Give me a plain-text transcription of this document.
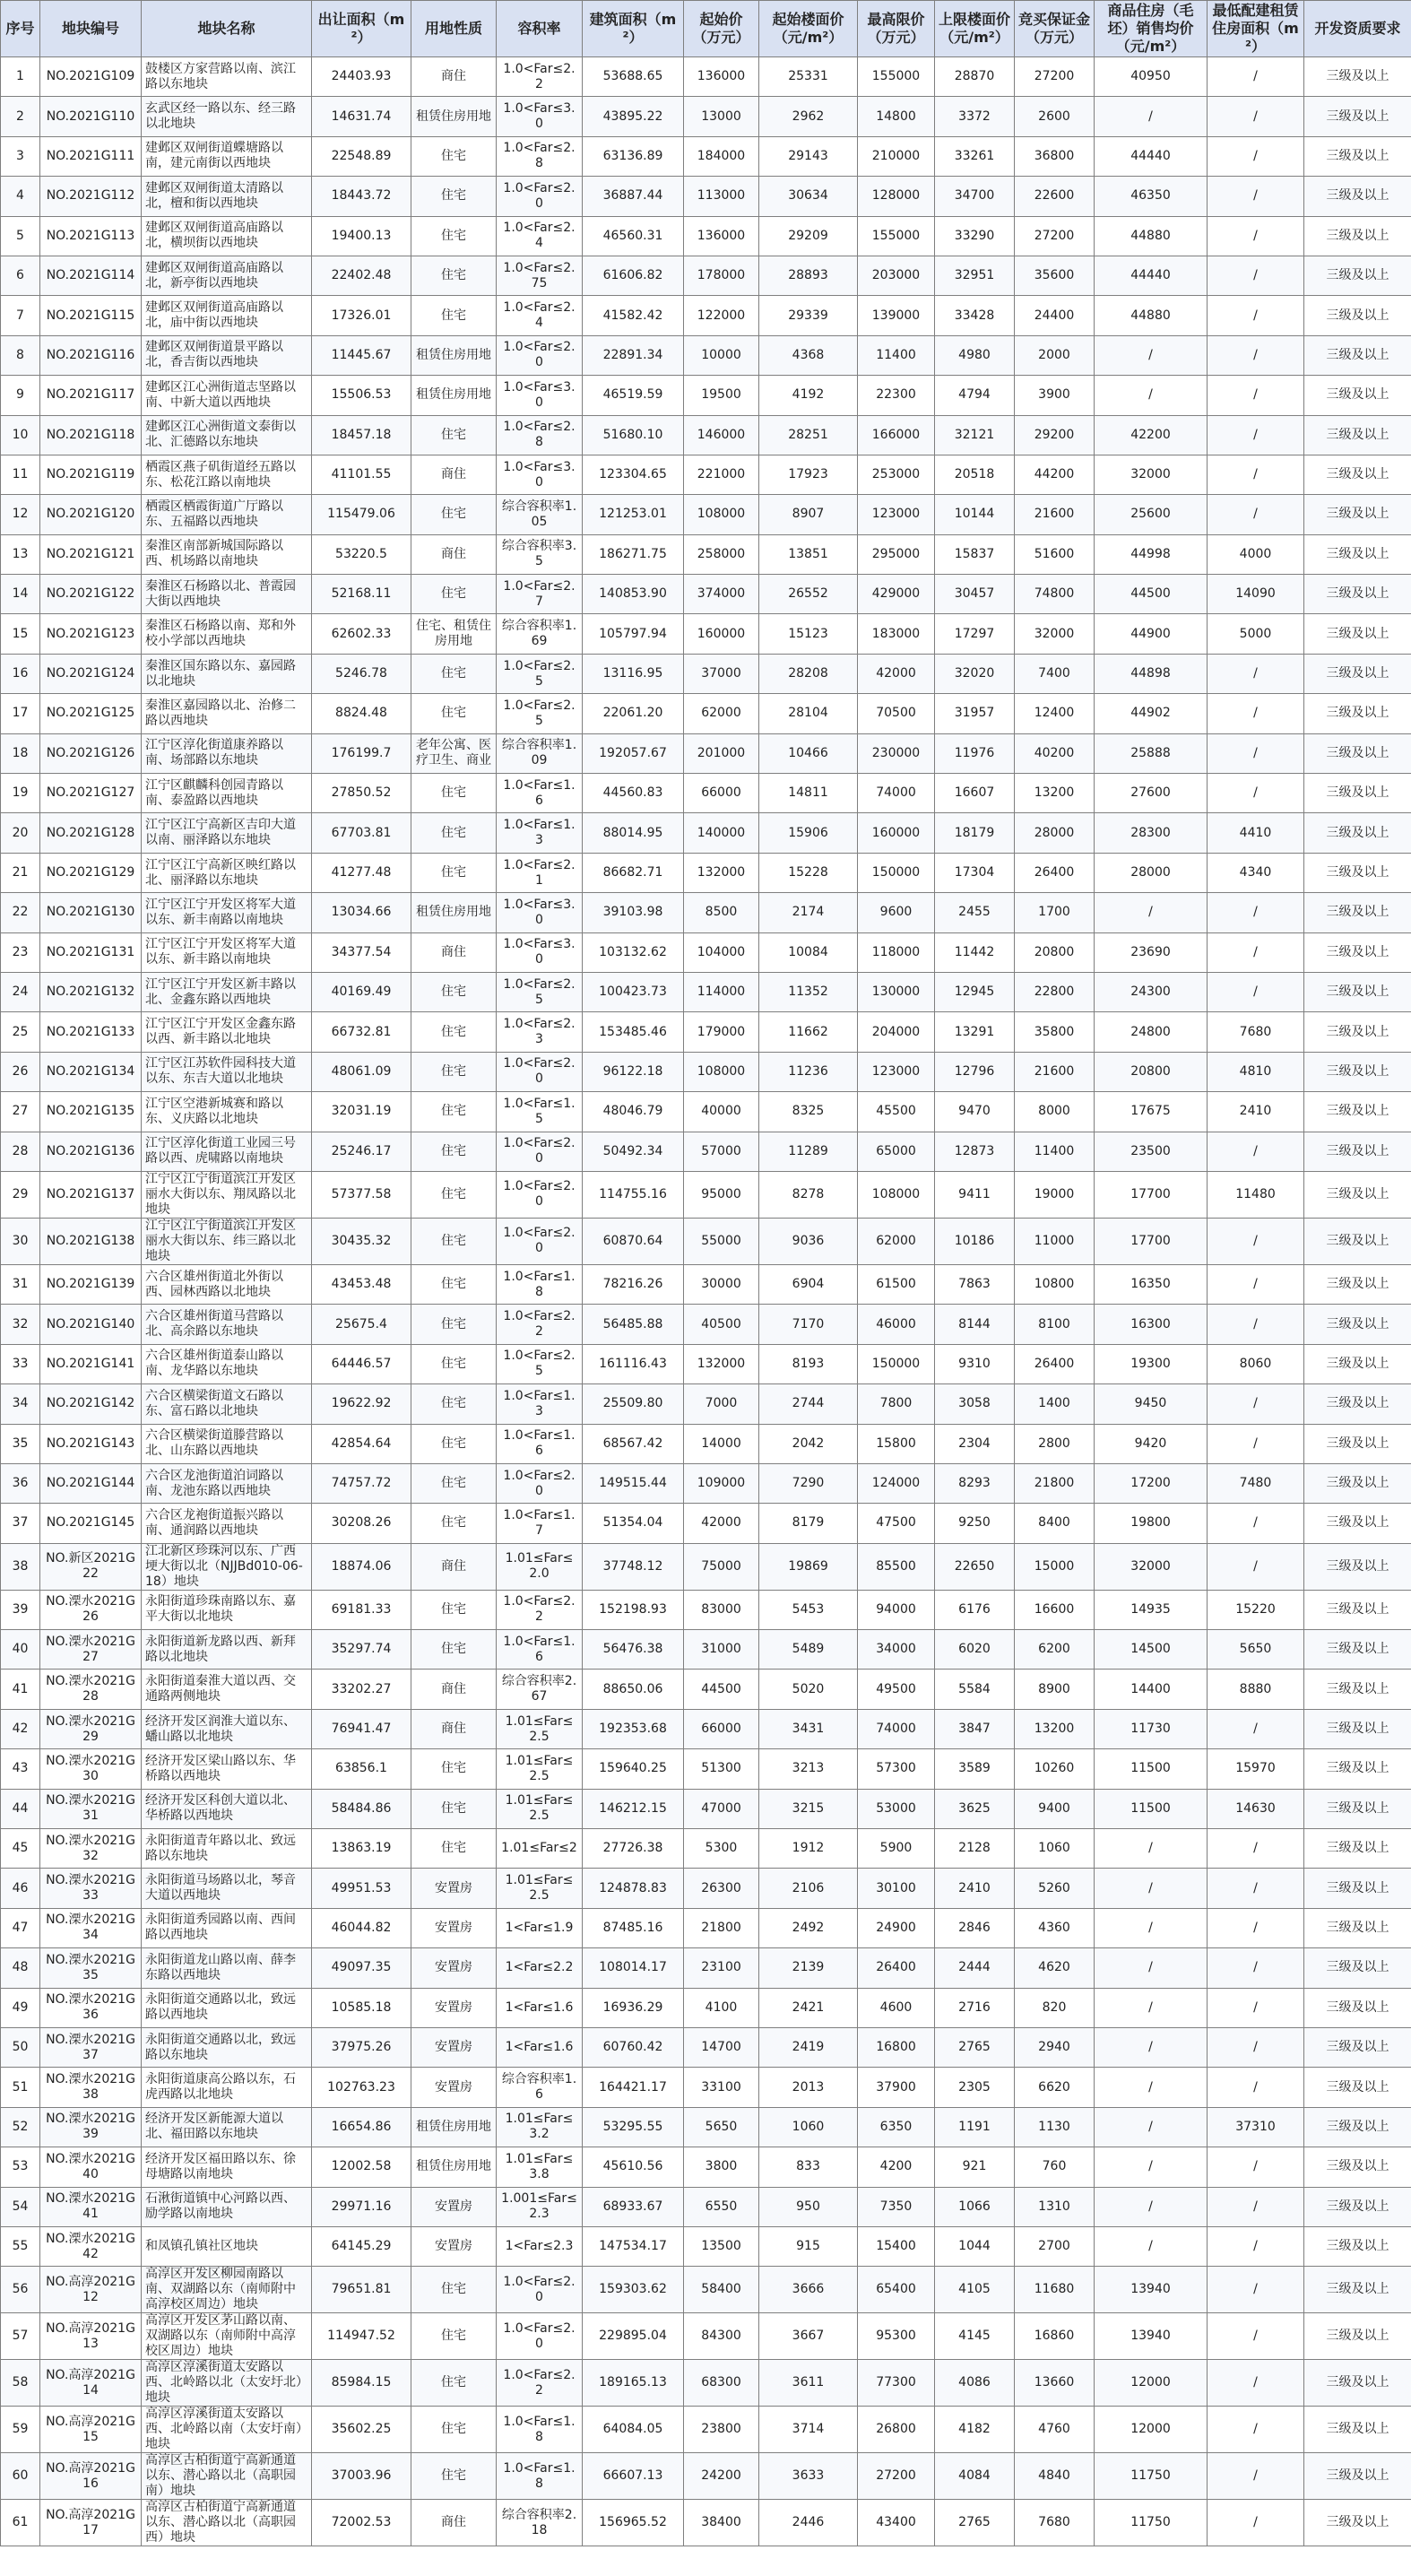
序号	地块编号	地块名称	出让面积（m²）	用地性质	容积率	建筑面积（m²）	起始价（万元）	起始楼面价（元/m²）	最高限价（万元）	上限楼面价（元/m²）	竞买保证金（万元）	商品住房（毛坯）销售均价（元/m²）	最低配建租赁住房面积（m²）	开发资质要求
1	NO.2021G109	鼓楼区方家营路以南、滨江路以东地块	24403.93	商住	1.0<Far≤2.2	53688.65	136000	25331	155000	28870	27200	40950	/	三级及以上
2	NO.2021G110	玄武区经一路以东、经三路以北地块	14631.74	租赁住房用地	1.0<Far≤3.0	43895.22	13000	2962	14800	3372	2600	/	/	三级及以上
3	NO.2021G111	建邺区双闸街道蝶塘路以南，建元南街以西地块	22548.89	住宅	1.0<Far≤2.8	63136.89	184000	29143	210000	33261	36800	44440	/	三级及以上
4	NO.2021G112	建邺区双闸街道太清路以北，檀和街以西地块	18443.72	住宅	1.0<Far≤2.0	36887.44	113000	30634	128000	34700	22600	46350	/	三级及以上
5	NO.2021G113	建邺区双闸街道高庙路以北，横坝街以西地块	19400.13	住宅	1.0<Far≤2.4	46560.31	136000	29209	155000	33290	27200	44880	/	三级及以上
6	NO.2021G114	建邺区双闸街道高庙路以北，新亭街以西地块	22402.48	住宅	1.0<Far≤2.75	61606.82	178000	28893	203000	32951	35600	44440	/	三级及以上
7	NO.2021G115	建邺区双闸街道高庙路以北，庙中街以西地块	17326.01	住宅	1.0<Far≤2.4	41582.42	122000	29339	139000	33428	24400	44880	/	三级及以上
8	NO.2021G116	建邺区双闸街道景平路以北，香吉街以西地块	11445.67	租赁住房用地	1.0<Far≤2.0	22891.34	10000	4368	11400	4980	2000	/	/	三级及以上
9	NO.2021G117	建邺区江心洲街道志坚路以南、中新大道以西地块	15506.53	租赁住房用地	1.0<Far≤3.0	46519.59	19500	4192	22300	4794	3900	/	/	三级及以上
10	NO.2021G118	建邺区江心洲街道文泰街以北、汇德路以东地块	18457.18	住宅	1.0<Far≤2.8	51680.10	146000	28251	166000	32121	29200	42200	/	三级及以上
11	NO.2021G119	栖霞区燕子矶街道经五路以东、松花江路以南地块	41101.55	商住	1.0<Far≤3.0	123304.65	221000	17923	253000	20518	44200	32000	/	三级及以上
12	NO.2021G120	栖霞区栖霞街道广厅路以东、五福路以西地块	115479.06	住宅	综合容积率1.05	121253.01	108000	8907	123000	10144	21600	25600	/	三级及以上
13	NO.2021G121	秦淮区南部新城国际路以西、机场路以南地块	53220.5	商住	综合容积率3.5	186271.75	258000	13851	295000	15837	51600	44998	4000	三级及以上
14	NO.2021G122	秦淮区石杨路以北、普霞园大街以西地块	52168.11	住宅	1.0<Far≤2.7	140853.90	374000	26552	429000	30457	74800	44500	14090	三级及以上
15	NO.2021G123	秦淮区石杨路以南、郑和外校小学部以西地块	62602.33	住宅、租赁住房用地	综合容积率1.69	105797.94	160000	15123	183000	17297	32000	44900	5000	三级及以上
16	NO.2021G124	秦淮区国东路以东、嘉园路以北地块	5246.78	住宅	1.0<Far≤2.5	13116.95	37000	28208	42000	32020	7400	44898	/	三级及以上
17	NO.2021G125	秦淮区嘉园路以北、治修二路以西地块	8824.48	住宅	1.0<Far≤2.5	22061.20	62000	28104	70500	31957	12400	44902	/	三级及以上
18	NO.2021G126	江宁区淳化街道康养路以南、场部路以东地块	176199.7	老年公寓、医疗卫生、商业	综合容积率1.09	192057.67	201000	10466	230000	11976	40200	25888	/	三级及以上
19	NO.2021G127	江宁区麒麟科创园青路以南、泰盈路以西地块	27850.52	住宅	1.0<Far≤1.6	44560.83	66000	14811	74000	16607	13200	27600	/	三级及以上
20	NO.2021G128	江宁区江宁高新区吉印大道以南、丽泽路以东地块	67703.81	住宅	1.0<Far≤1.3	88014.95	140000	15906	160000	18179	28000	28300	4410	三级及以上
21	NO.2021G129	江宁区江宁高新区映红路以北、丽泽路以东地块	41277.48	住宅	1.0<Far≤2.1	86682.71	132000	15228	150000	17304	26400	28000	4340	三级及以上
22	NO.2021G130	江宁区江宁开发区将军大道以东、新丰南路以南地块	13034.66	租赁住房用地	1.0<Far≤3.0	39103.98	8500	2174	9600	2455	1700	/	/	三级及以上
23	NO.2021G131	江宁区江宁开发区将军大道以东、新丰路以南地块	34377.54	商住	1.0<Far≤3.0	103132.62	104000	10084	118000	11442	20800	23690	/	三级及以上
24	NO.2021G132	江宁区江宁开发区新丰路以北、金鑫东路以西地块	40169.49	住宅	1.0<Far≤2.5	100423.73	114000	11352	130000	12945	22800	24300	/	三级及以上
25	NO.2021G133	江宁区江宁开发区金鑫东路以西、新丰路以北地块	66732.81	住宅	1.0<Far≤2.3	153485.46	179000	11662	204000	13291	35800	24800	7680	三级及以上
26	NO.2021G134	江宁区江苏软件园科技大道以东、东吉大道以北地块	48061.09	住宅	1.0<Far≤2.0	96122.18	108000	11236	123000	12796	21600	20800	4810	三级及以上
27	NO.2021G135	江宁区空港新城赛和路以东、义庆路以北地块	32031.19	住宅	1.0<Far≤1.5	48046.79	40000	8325	45500	9470	8000	17675	2410	三级及以上
28	NO.2021G136	江宁区淳化街道工业园三号路以西、虎啸路以南地块	25246.17	住宅	1.0<Far≤2.0	50492.34	57000	11289	65000	12873	11400	23500	/	三级及以上
29	NO.2021G137	江宁区江宁街道滨江开发区丽水大街以东、翔凤路以北地块	57377.58	住宅	1.0<Far≤2.0	114755.16	95000	8278	108000	9411	19000	17700	11480	三级及以上
30	NO.2021G138	江宁区江宁街道滨江开发区丽水大街以东、纬三路以北地块	30435.32	住宅	1.0<Far≤2.0	60870.64	55000	9036	62000	10186	11000	17700	/	三级及以上
31	NO.2021G139	六合区雄州街道北外街以西、园林西路以北地块	43453.48	住宅	1.0<Far≤1.8	78216.26	30000	6904	61500	7863	10800	16350	/	三级及以上
32	NO.2021G140	六合区雄州街道马营路以北、高余路以东地块	25675.4	住宅	1.0<Far≤2.2	56485.88	40500	7170	46000	8144	8100	16300	/	三级及以上
33	NO.2021G141	六合区雄州街道泰山路以南、龙华路以东地块	64446.57	住宅	1.0<Far≤2.5	161116.43	132000	8193	150000	9310	26400	19300	8060	三级及以上
34	NO.2021G142	六合区横梁街道文石路以东、富石路以北地块	19622.92	住宅	1.0<Far≤1.3	25509.80	7000	2744	7800	3058	1400	9450	/	三级及以上
35	NO.2021G143	六合区横梁街道滕营路以北、山东路以西地块	42854.64	住宅	1.0<Far≤1.6	68567.42	14000	2042	15800	2304	2800	9420	/	三级及以上
36	NO.2021G144	六合区龙池街道泊词路以南、龙池东路以西地块	74757.72	住宅	1.0<Far≤2.0	149515.44	109000	7290	124000	8293	21800	17200	7480	三级及以上
37	NO.2021G145	六合区龙袍街道振兴路以南、通润路以西地块	30208.26	住宅	1.0<Far≤1.7	51354.04	42000	8179	47500	9250	8400	19800	/	三级及以上
38	NO.新区2021G22	江北新区珍珠河以东、广西埂大街以北（NJJBd010-06-18）地块	18874.06	商住	1.01≤Far≤2.0	37748.12	75000	19869	85500	22650	15000	32000	/	三级及以上
39	NO.溧水2021G26	永阳街道珍珠南路以东、嘉平大街以北地块	69181.33	住宅	1.0<Far≤2.2	152198.93	83000	5453	94000	6176	16600	14935	15220	三级及以上
40	NO.溧水2021G27	永阳街道新龙路以西、新拜路以北地块	35297.74	住宅	1.0<Far≤1.6	56476.38	31000	5489	34000	6020	6200	14500	5650	三级及以上
41	NO.溧水2021G28	永阳街道秦淮大道以西、交通路两侧地块	33202.27	商住	综合容积率2.67	88650.06	44500	5020	49500	5584	8900	14400	8880	三级及以上
42	NO.溧水2021G29	经济开发区润淮大道以东、蟠山路以北地块	76941.47	商住	1.01≤Far≤2.5	192353.68	66000	3431	74000	3847	13200	11730	/	三级及以上
43	NO.溧水2021G30	经济开发区梁山路以东、华桥路以西地块	63856.1	住宅	1.01≤Far≤2.5	159640.25	51300	3213	57300	3589	10260	11500	15970	三级及以上
44	NO.溧水2021G31	经济开发区科创大道以北、华桥路以西地块	58484.86	住宅	1.01≤Far≤2.5	146212.15	47000	3215	53000	3625	9400	11500	14630	三级及以上
45	NO.溧水2021G32	永阳街道青年路以北、致远路以东地块	13863.19	住宅	1.01≤Far≤2	27726.38	5300	1912	5900	2128	1060	/	/	三级及以上
46	NO.溧水2021G33	永阳街道马场路以北，琴音大道以西地块	49951.53	安置房	1.01≤Far≤2.5	124878.83	26300	2106	30100	2410	5260	/	/	三级及以上
47	NO.溧水2021G34	永阳街道秀园路以南、西间路以西地块	46044.82	安置房	1<Far≤1.9	87485.16	21800	2492	24900	2846	4360	/	/	三级及以上
48	NO.溧水2021G35	永阳街道龙山路以南、薛李东路以西地块	49097.35	安置房	1<Far≤2.2	108014.17	23100	2139	26400	2444	4620	/	/	三级及以上
49	NO.溧水2021G36	永阳街道交通路以北，致远路以西地块	10585.18	安置房	1<Far≤1.6	16936.29	4100	2421	4600	2716	820	/	/	三级及以上
50	NO.溧水2021G37	永阳街道交通路以北，致远路以东地块	37975.26	安置房	1<Far≤1.6	60760.42	14700	2419	16800	2765	2940	/	/	三级及以上
51	NO.溧水2021G38	永阳街道康高公路以东，石虎西路以北地块	102763.23	安置房	综合容积率1.6	164421.17	33100	2013	37900	2305	6620	/	/	三级及以上
52	NO.溧水2021G39	经济开发区新能源大道以北、福田路以东地块	16654.86	租赁住房用地	1.01≤Far≤3.2	53295.55	5650	1060	6350	1191	1130	/	37310	三级及以上
53	NO.溧水2021G40	经济开发区福田路以东、徐母塘路以南地块	12002.58	租赁住房用地	1.01≤Far≤3.8	45610.56	3800	833	4200	921	760	/	/	三级及以上
54	NO.溧水2021G41	石湫街道镇中心河路以西、励学路以南地块	29971.16	安置房	1.001≤Far≤2.3	68933.67	6550	950	7350	1066	1310	/	/	三级及以上
55	NO.溧水2021G42	和凤镇孔镇社区地块	64145.29	安置房	1<Far≤2.3	147534.17	13500	915	15400	1044	2700	/	/	三级及以上
56	NO.高淳2021G12	高淳区开发区柳园南路以南、双湖路以东（南师附中高淳校区周边）地块	79651.81	住宅	1.0<Far≤2.0	159303.62	58400	3666	65400	4105	11680	13940	/	三级及以上
57	NO.高淳2021G13	高淳区开发区茅山路以南、双湖路以东（南师附中高淳校区周边）地块	114947.52	住宅	1.0<Far≤2.0	229895.04	84300	3667	95300	4145	16860	13940	/	三级及以上
58	NO.高淳2021G14	高淳区淳溪街道太安路以西、北岭路以北（太安圩北）地块	85984.15	住宅	1.0<Far≤2.2	189165.13	68300	3611	77300	4086	13660	12000	/	三级及以上
59	NO.高淳2021G15	高淳区淳溪街道太安路以西、北岭路以南（太安圩南）地块	35602.25	住宅	1.0<Far≤1.8	64084.05	23800	3714	26800	4182	4760	12000	/	三级及以上
60	NO.高淳2021G16	高淳区古柏街道宁高新通道以东、潜心路以北（高职园南）地块	37003.96	住宅	1.0<Far≤1.8	66607.13	24200	3633	27200	4084	4840	11750	/	三级及以上
61	NO.高淳2021G17	高淳区古柏街道宁高新通道以东、潜心路以北（高职园西）地块	72002.53	商住	综合容积率2.18	156965.52	38400	2446	43400	2765	7680	11750	/	三级及以上
